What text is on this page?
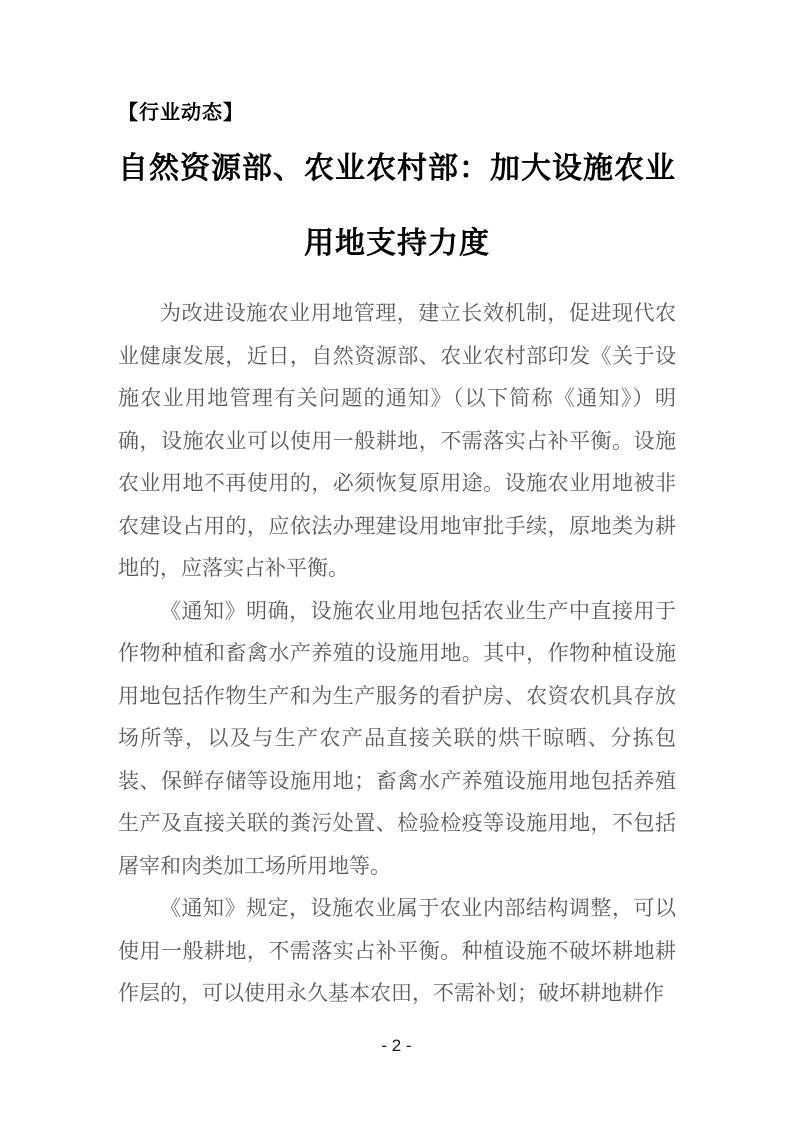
【行业动态】
自然资源部、农业农村部：加大设施农业
用地支持力度

为改进设施农业用地管理，建立长效机制，促进现代农业健康发展，近日，自然资源部、农业农村部印发《关于设施农业用地管理有关问题的通知》（以下简称《通知》）明确，设施农业可以使用一般耕地，不需落实占补平衡。设施农业用地不再使用的，必须恢复原用途。设施农业用地被非农建设占用的，应依法办理建设用地审批手续，原地类为耕地的，应落实占补平衡。

《通知》明确，设施农业用地包括农业生产中直接用于作物种植和畜禽水产养殖的设施用地。其中，作物种植设施用地包括作物生产和为生产服务的看护房、农资农机具存放场所等，以及与生产农产品直接关联的烘干晾晒、分拣包装、保鲜存储等设施用地；畜禽水产养殖设施用地包括养殖生产及直接关联的粪污处置、检验检疫等设施用地，不包括屠宰和肉类加工场所用地等。

《通知》规定，设施农业属于农业内部结构调整，可以使用一般耕地，不需落实占补平衡。种植设施不破坏耕地耕作层的，可以使用永久基本农田，不需补划；破坏耕地耕作

- 2 -
